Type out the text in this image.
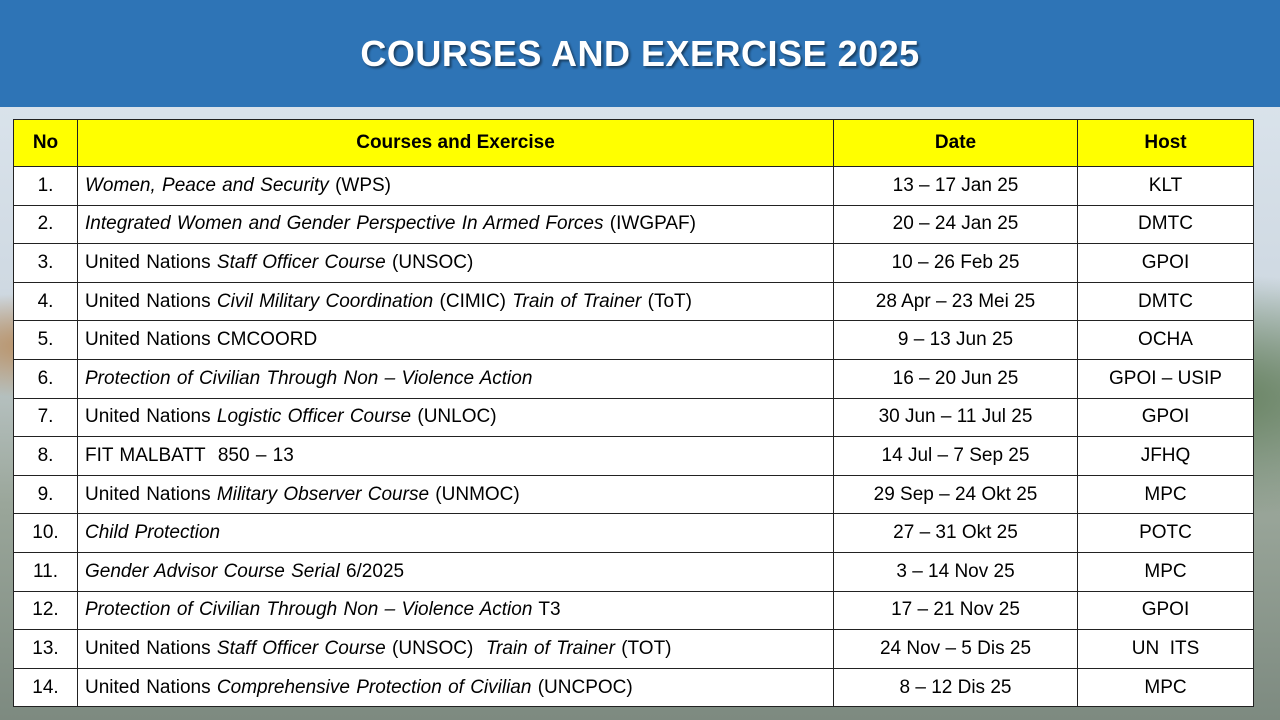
COURSES AND EXERCISE 2025
No	Courses and Exercise	Date	Host
1.	Women, Peace and Security (WPS)	13 – 17 Jan 25	KLT
2.	Integrated Women and Gender Perspective In Armed Forces (IWGPAF)	20 – 24 Jan 25	DMTC
3.	United Nations Staff Officer Course (UNSOC)	10 – 26 Feb 25	GPOI
4.	United Nations Civil Military Coordination (CIMIC) Train of Trainer (ToT)	28 Apr – 23 Mei 25	DMTC
5.	United Nations CMCOORD	9 – 13 Jun 25	OCHA
6.	Protection of Civilian Through Non – Violence Action	16 – 20 Jun 25	GPOI – USIP
7.	United Nations Logistic Officer Course (UNLOC)	30 Jun – 11 Jul 25	GPOI
8.	FIT MALBATT  850 – 13	14 Jul – 7 Sep 25	JFHQ
9.	United Nations Military Observer Course (UNMOC)	29 Sep – 24 Okt 25	MPC
10.	Child Protection	27 – 31 Okt 25	POTC
11.	Gender Advisor Course Serial 6/2025	3 – 14 Nov 25	MPC
12.	Protection of Civilian Through Non – Violence Action T3	17 – 21 Nov 25	GPOI
13.	United Nations Staff Officer Course (UNSOC)  Train of Trainer (TOT)	24 Nov – 5 Dis 25	UN  ITS
14.	United Nations Comprehensive Protection of Civilian (UNCPOC)	8 – 12 Dis 25	MPC
